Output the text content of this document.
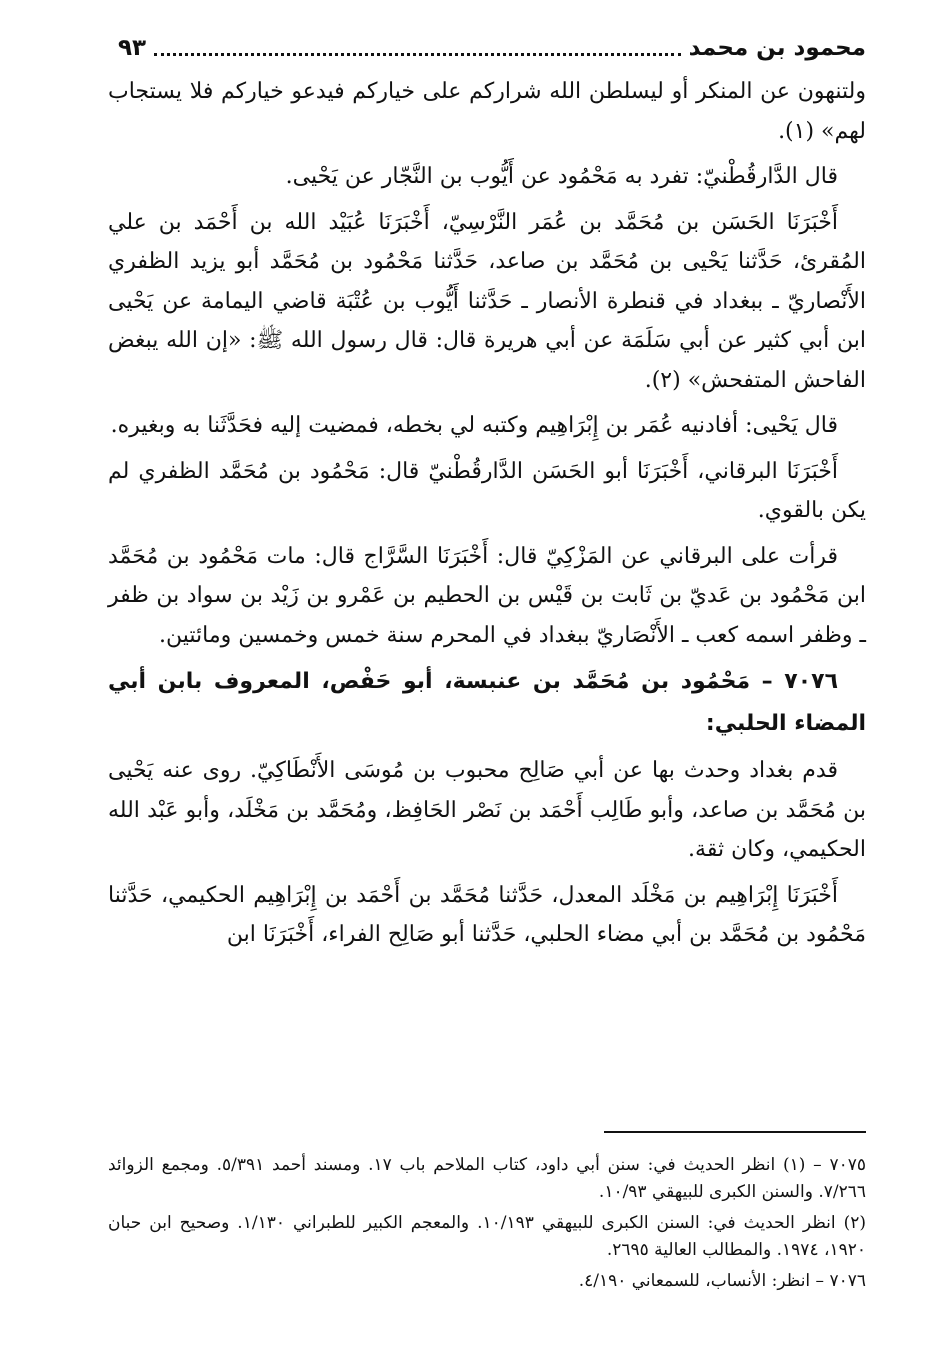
محمود بن محمد
٩٣

ولتنهون عن المنكر أو ليسلطن الله شراركم على خياركم فيدعو خياركم فلا يستجاب لهم» (١).

قال الدَّارقُطْنيّ: تفرد به مَحْمُود عن أَيُّوب بن النَّجّار عن يَحْيى.

أَخْبَرَنَا الحَسَن بن مُحَمَّد بن عُمَر النَّرْسِيّ، أَخْبَرَنَا عُبَيْد الله بن أَحْمَد بن علي المُقرئ، حَدَّثنا يَحْيى بن مُحَمَّد بن صاعد، حَدَّثنا مَحْمُود بن مُحَمَّد أبو يزيد الظفري الأَنْصاريّ ـ ببغداد في قنطرة الأنصار ـ حَدَّثنا أَيُّوب بن عُتْبَة قاضي اليمامة عن يَحْيى ابن أبي كثير عن أبي سَلَمَة عن أبي هريرة قال: قال رسول الله ﷺ: «إن الله يبغض الفاحش المتفحش» (٢).

قال يَحْيى: أفادنيه عُمَر بن إِبْرَاهِيم وكتبه لي بخطه، فمضيت إليه فحَدَّثَنا به وبغيره.

أَخْبَرَنَا البرقاني، أَخْبَرَنَا أبو الحَسَن الدَّارقُطْنيّ قال: مَحْمُود بن مُحَمَّد الظفري لم يكن بالقوي.

قرأت على البرقاني عن المَزْكِيّ قال: أَخْبَرَنَا السَّرَّاج قال: مات مَحْمُود بن مُحَمَّد ابن مَحْمُود بن عَديّ بن ثَابت بن قَيْس بن الحطيم بن عَمْرو بن زَيْد بن سواد بن ظفر ـ وظفر اسمه كعب ـ الأَنْصَاريّ ببغداد في المحرم سنة خمس وخمسين ومائتين.

٧٠٧٦ – مَحْمُود بن مُحَمَّد بن عنبسة، أبو حَفْص، المعروف بابن أبي المضاء الحلبي:

قدم بغداد وحدث بها عن أبي صَالِح محبوب بن مُوسَى الأَنْطَاكِيّ. روى عنه يَحْيى بن مُحَمَّد بن صاعد، وأبو طَالِب أَحْمَد بن نَصْر الحَافِظ، ومُحَمَّد بن مَخْلَد، وأبو عَبْد الله الحكيمي، وكان ثقة.

أَخْبَرَنَا إِبْرَاهِيم بن مَخْلَد المعدل، حَدَّثنا مُحَمَّد بن أَحْمَد بن إِبْرَاهِيم الحكيمي، حَدَّثنا مَحْمُود بن مُحَمَّد بن أبي مضاء الحلبي، حَدَّثنا أبو صَالِح الفراء، أَخْبَرَنَا ابن

٧٠٧٥ – (١) انظر الحديث في: سنن أبي داود، كتاب الملاحم باب ١٧. ومسند أحمد ٥/٣٩١. ومجمع الزوائد ٧/٢٦٦. والسنن الكبرى للبيهقي ١٠/٩٣.

(٢) انظر الحديث في: السنن الكبرى للبيهقي ١٠/١٩٣. والمعجم الكبير للطبراني ١/١٣٠. وصحيح ابن حبان ١٩٢٠، ١٩٧٤. والمطالب العالية ٢٦٩٥.

٧٠٧٦ – انظر: الأنساب، للسمعاني ٤/١٩٠.
